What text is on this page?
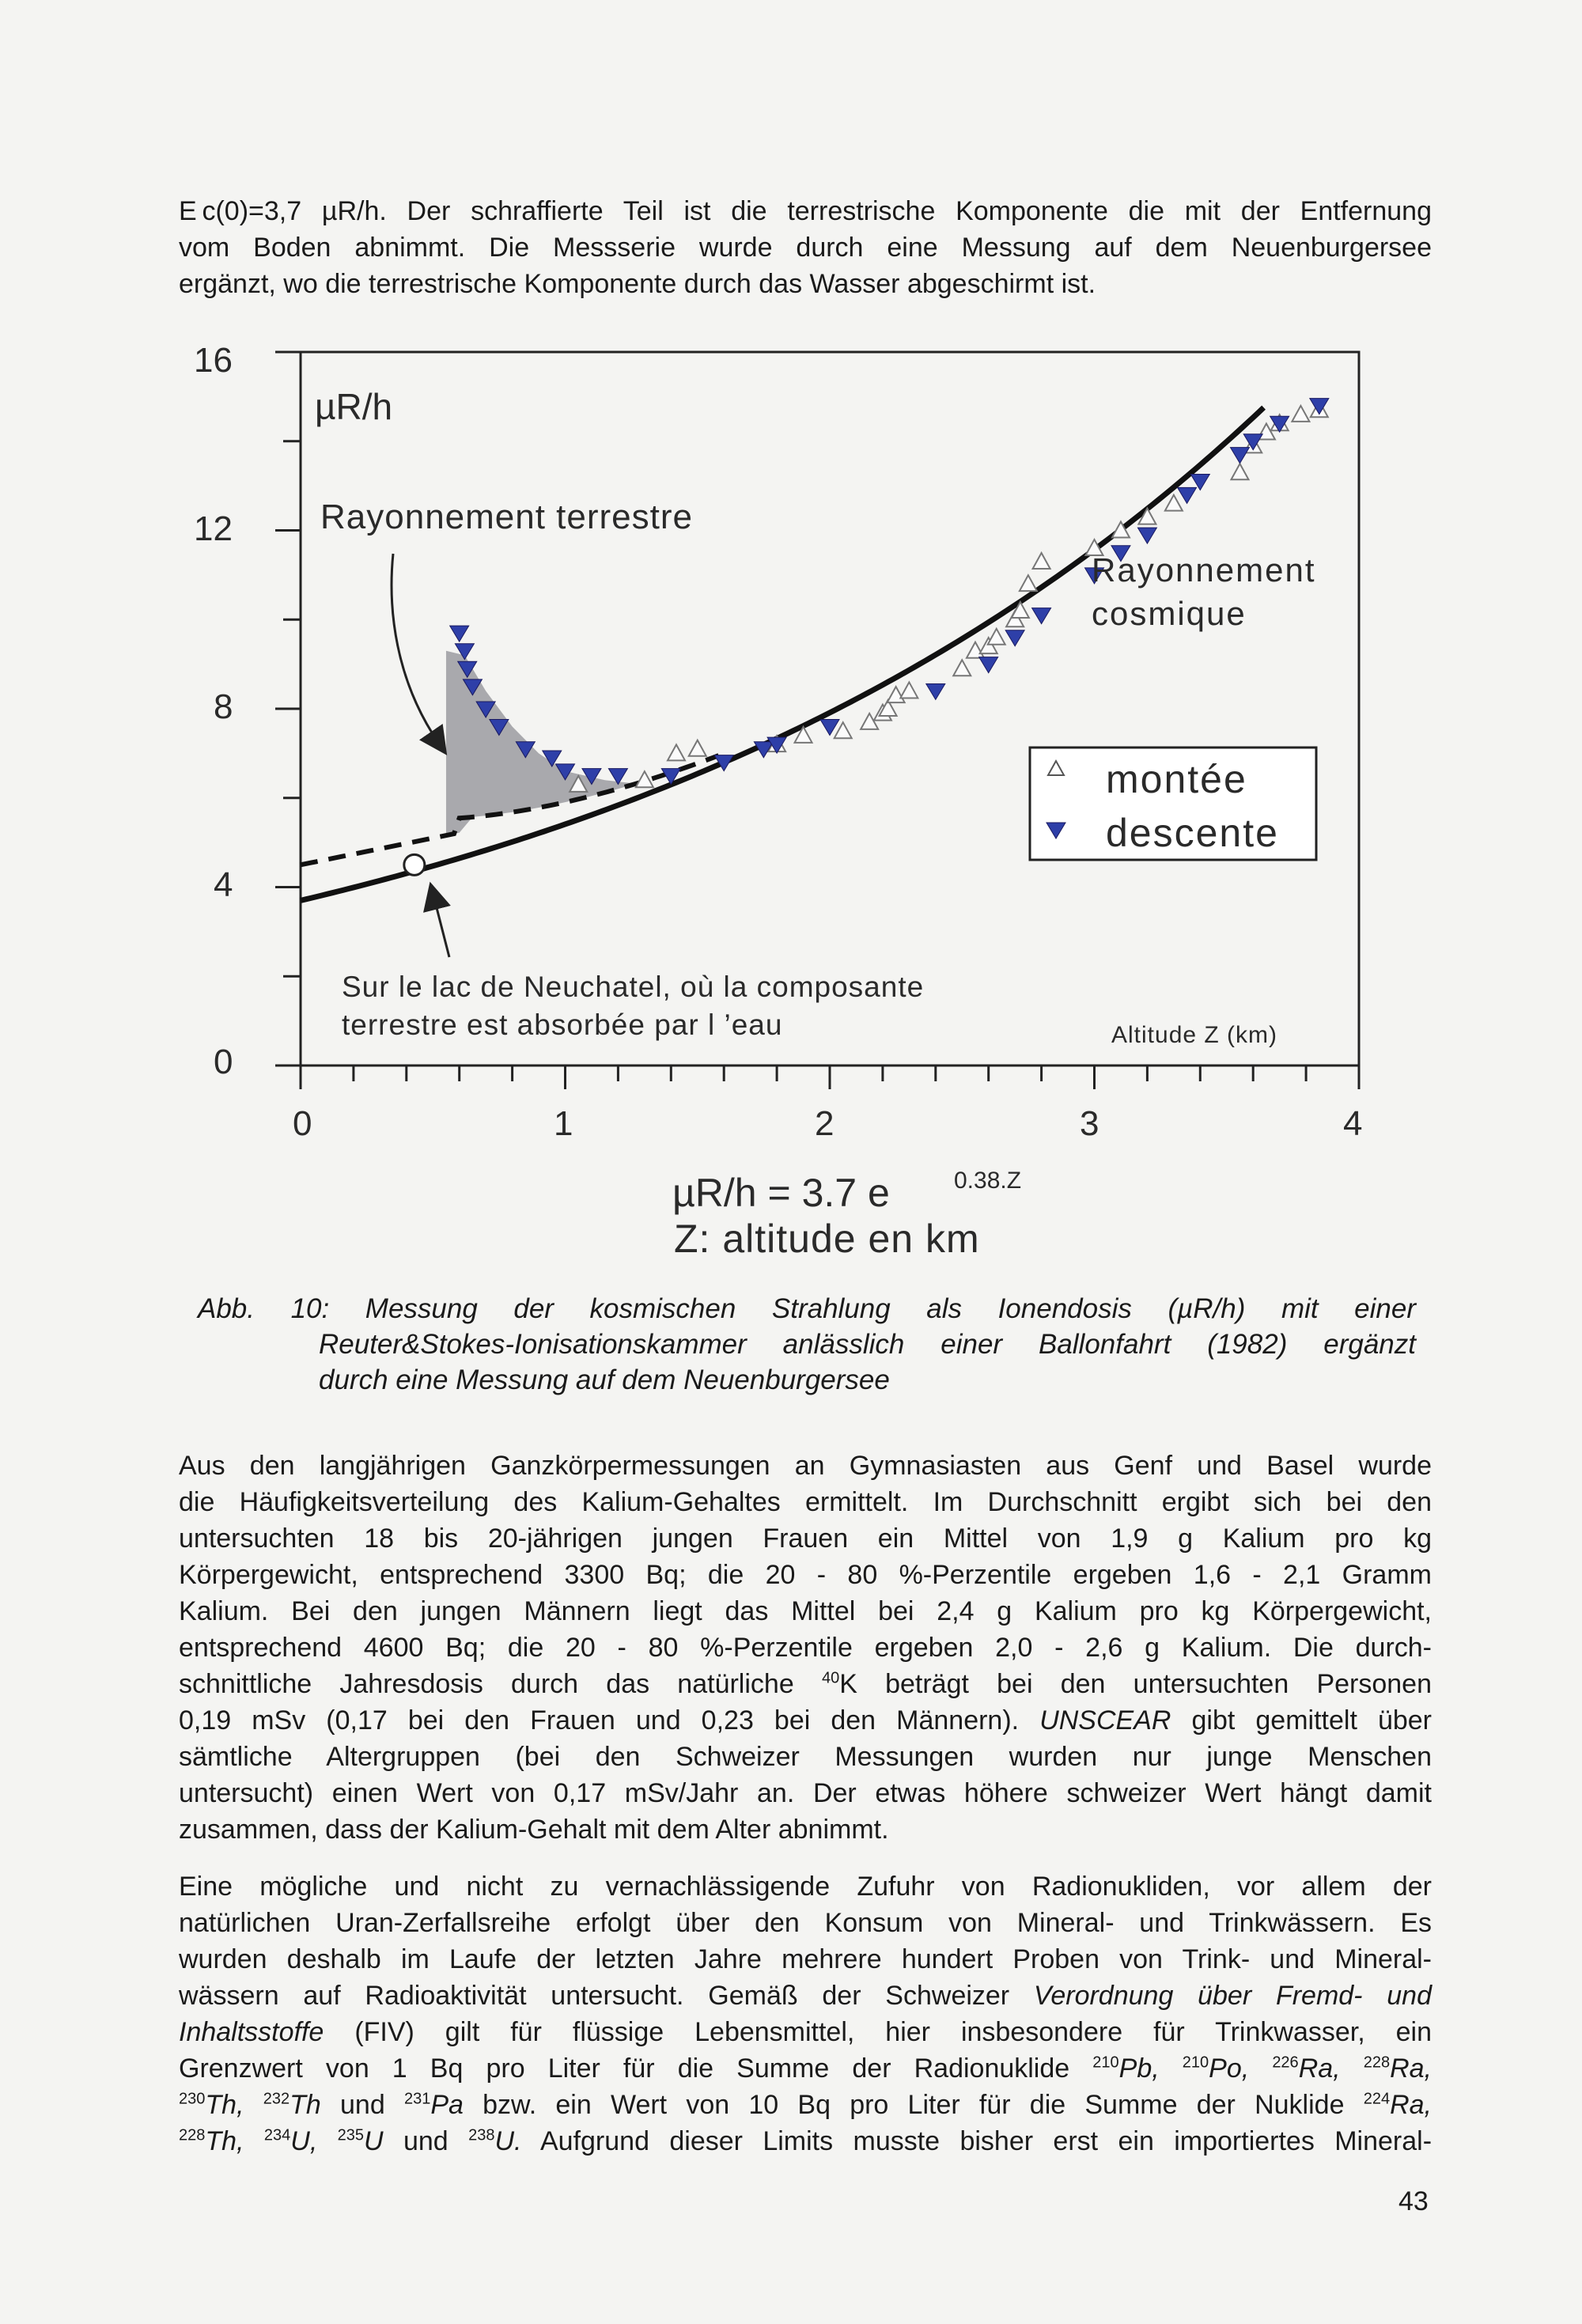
E c(0)=3,7 µR/h. Der schraffierte Teil ist die terrestrische Komponente die mit der Entfernung
vom Boden abnimmt. Die Messserie wurde durch eine Messung auf dem Neuenburgersee
ergänzt, wo die terrestrische Komponente durch das Wasser abgeschirmt ist.
0
4
8
12
16
0	1	2	3	4
µR/h
Rayonnement terrestre
Rayonnement
cosmique
Sur le lac de Neuchatel, où la composante
terrestre est absorbée par l ’eau	Altitude Z (km)
montée
descente
µR/h = 3.7 e	0.38.Z
Z: altitude en km
Abb. 10: Messung der kosmischen Strahlung als Ionendosis (µR/h) mit einer
Reuter&Stokes-Ionisationskammer anlässlich einer Ballonfahrt (1982) ergänzt
durch eine Messung auf dem Neuenburgersee
Aus den langjährigen Ganzkörpermessungen an Gymnasiasten aus Genf und Basel wurde
die Häufigkeitsverteilung des Kalium-Gehaltes ermittelt. Im Durchschnitt ergibt sich bei den
untersuchten 18 bis 20-jährigen jungen Frauen ein Mittel von 1,9 g Kalium pro kg
Körpergewicht, entsprechend 3300 Bq; die 20 - 80 %-Perzentile ergeben 1,6 - 2,1 Gramm
Kalium. Bei den jungen Männern liegt das Mittel bei 2,4 g Kalium pro kg Körpergewicht,
entsprechend 4600 Bq; die 20 - 80 %-Perzentile ergeben 2,0 - 2,6 g Kalium. Die durch-
schnittliche Jahresdosis durch das natürliche $^{40}$K beträgt bei den untersuchten Personen
0,19 mSv (0,17 bei den Frauen und 0,23 bei den Männern). UNSCEAR gibt gemittelt über
sämtliche Altergruppen (bei den Schweizer Messungen wurden nur junge Menschen
untersucht) einen Wert von 0,17 mSv/Jahr an. Der etwas höhere schweizer Wert hängt damit
zusammen, dass der Kalium-Gehalt mit dem Alter abnimmt.
Eine mögliche und nicht zu vernachlässigende Zufuhr von Radionukliden, vor allem der
natürlichen Uran-Zerfallsreihe erfolgt über den Konsum von Mineral- und Trinkwässern. Es
wurden deshalb im Laufe der letzten Jahre mehrere hundert Proben von Trink- und Mineral-
wässern auf Radioaktivität untersucht. Gemäß der Schweizer Verordnung über Fremd- und
Inhaltsstoffe (FIV) gilt für flüssige Lebensmittel, hier insbesondere für Trinkwasser, ein
Grenzwert von 1 Bq pro Liter für die Summe der Radionuklide $^{210}$Pb, $^{210}$Po, $^{226}$Ra, $^{228}$Ra,
$^{230}$Th, $^{232}$Th und $^{231}$Pa bzw. ein Wert von 10 Bq pro Liter für die Summe der Nuklide $^{224}$Ra,
$^{228}$Th, $^{234}$U, $^{235}$U und $^{238}$U. Aufgrund dieser Limits musste bisher erst ein importiertes Mineral-
43
